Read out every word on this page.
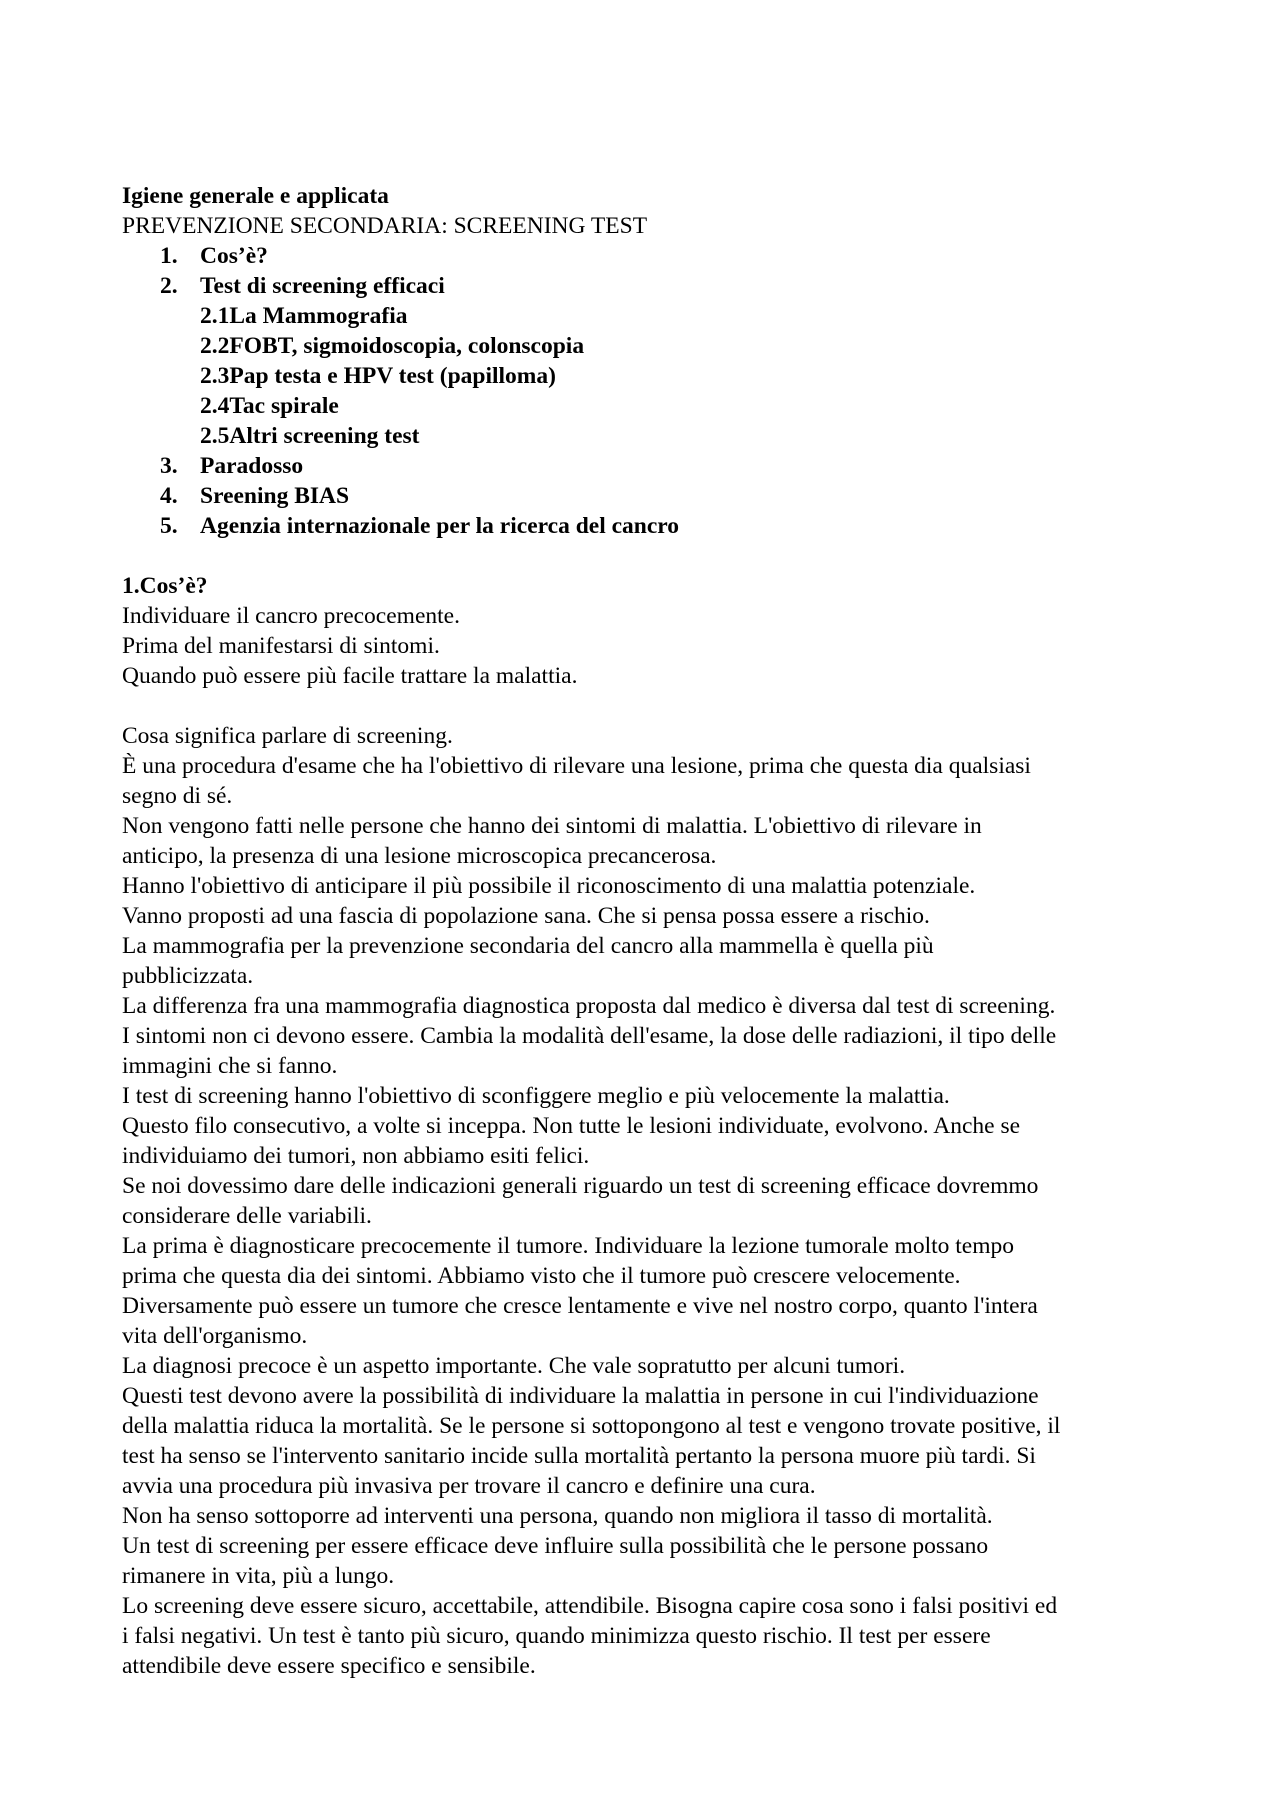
Igiene generale e applicata
PREVENZIONE SECONDARIA: SCREENING TEST
1. Cos’è?
2. Test di screening efficaci
2.1La Mammografia
2.2FOBT, sigmoidoscopia, colonscopia
2.3Pap testa e HPV test (papilloma)
2.4Tac spirale
2.5Altri screening test
3. Paradosso
4. Sreening BIAS
5. Agenzia internazionale per la ricerca del cancro
1.Cos’è?
Individuare il cancro precocemente.
Prima del manifestarsi di sintomi.
Quando può essere più facile trattare la malattia.
Cosa significa parlare di screening.
È una procedura d'esame che ha l'obiettivo di rilevare una lesione, prima che questa dia qualsiasi
segno di sé.
Non vengono fatti nelle persone che hanno dei sintomi di malattia. L'obiettivo di rilevare in
anticipo, la presenza di una lesione microscopica precancerosa.
Hanno l'obiettivo di anticipare il più possibile il riconoscimento di una malattia potenziale.
Vanno proposti ad una fascia di popolazione sana. Che si pensa possa essere a rischio.
La mammografia per la prevenzione secondaria del cancro alla mammella è quella più
pubblicizzata.
La differenza fra una mammografia diagnostica proposta dal medico è diversa dal test di screening.
I sintomi non ci devono essere. Cambia la modalità dell'esame, la dose delle radiazioni, il tipo delle
immagini che si fanno.
I test di screening hanno l'obiettivo di sconfiggere meglio e più velocemente la malattia.
Questo filo consecutivo, a volte si inceppa. Non tutte le lesioni individuate, evolvono. Anche se
individuiamo dei tumori, non abbiamo esiti felici.
Se noi dovessimo dare delle indicazioni generali riguardo un test di screening efficace dovremmo
considerare delle variabili.
La prima è diagnosticare precocemente il tumore. Individuare la lezione tumorale molto tempo
prima che questa dia dei sintomi. Abbiamo visto che il tumore può crescere velocemente.
Diversamente può essere un tumore che cresce lentamente e vive nel nostro corpo, quanto l'intera
vita dell'organismo.
La diagnosi precoce è un aspetto importante. Che vale sopratutto per alcuni tumori.
Questi test devono avere la possibilità di individuare la malattia in persone in cui l'individuazione
della malattia riduca la mortalità. Se le persone si sottopongono al test e vengono trovate positive, il
test ha senso se l'intervento sanitario incide sulla mortalità pertanto la persona muore più tardi. Si
avvia una procedura più invasiva per trovare il cancro e definire una cura.
Non ha senso sottoporre ad interventi una persona, quando non migliora il tasso di mortalità.
Un test di screening per essere efficace deve influire sulla possibilità che le persone possano
rimanere in vita, più a lungo.
Lo screening deve essere sicuro, accettabile, attendibile. Bisogna capire cosa sono i falsi positivi ed
i falsi negativi. Un test è tanto più sicuro, quando minimizza questo rischio. Il test per essere
attendibile deve essere specifico e sensibile.
